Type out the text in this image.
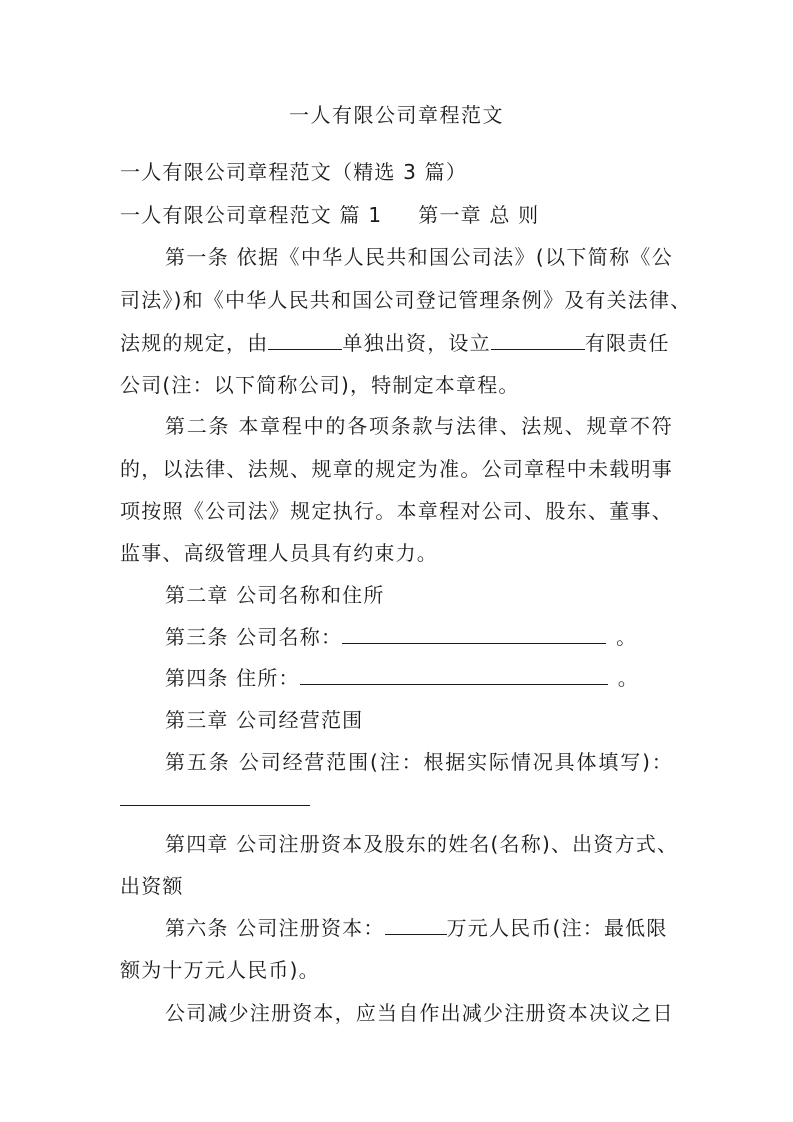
一人有限公司章程范文
一人有限公司章程范文（精选 3 篇）
一人有限公司章程范文 篇 1 第一章 总 则
第一条 依据《中华人民共和国公司法》(以下简称《公
司法》)和《中华人民共和国公司登记管理条例》及有关法律、
法规的规定，由	单独出资，设立	有限责任
公司(注：以下简称公司)，特制定本章程。
第二条 本章程中的各项条款与法律、法规、规章不符
的，以法律、法规、规章的规定为准。公司章程中未载明事
项按照《公司法》规定执行。本章程对公司、股东、董事、
监事、高级管理人员具有约束力。
第二章 公司名称和住所
第三条 公司名称：	。
第四条 住所：	。
第三章 公司经营范围
第五条 公司经营范围(注：根据实际情况具体填写)：
第四章 公司注册资本及股东的姓名(名称)、出资方式、
出资额
第六条 公司注册资本：	万元人民币(注：最低限
额为十万元人民币)。
公司减少注册资本，应当自作出减少注册资本决议之日
